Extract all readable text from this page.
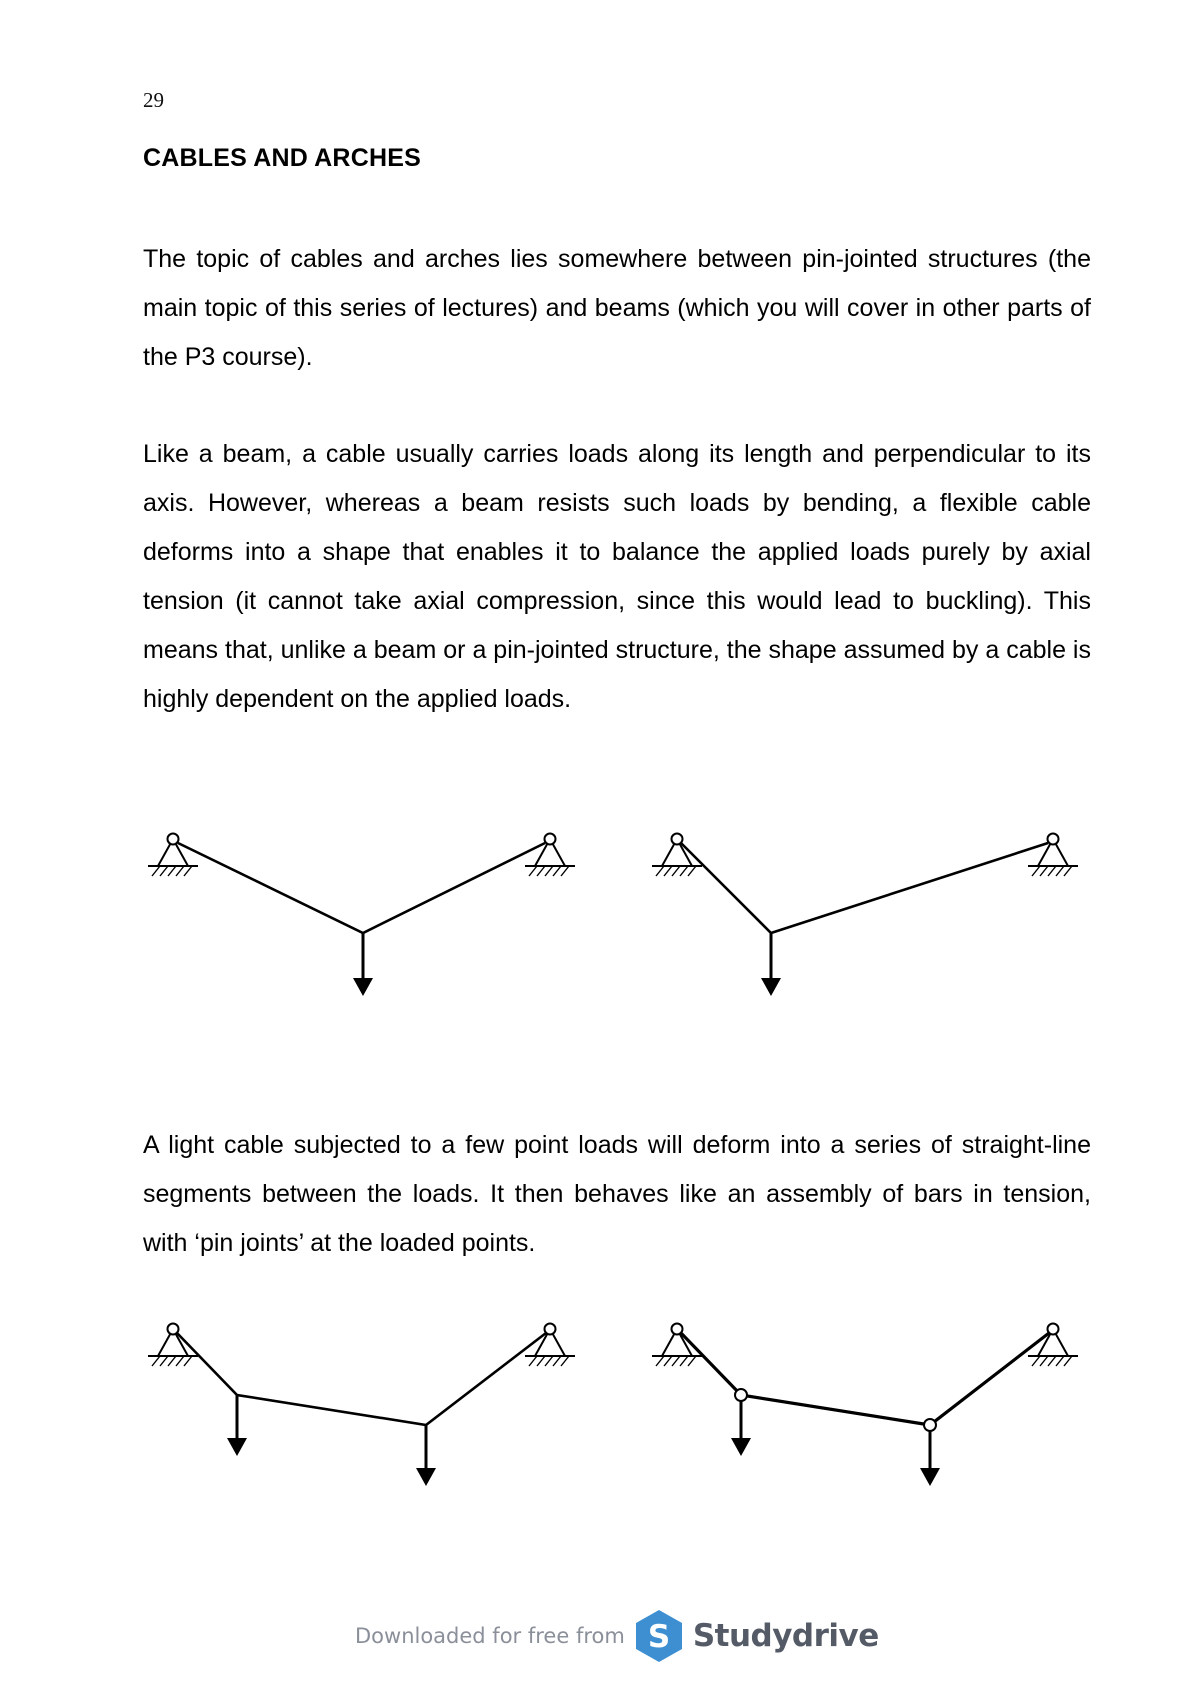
29
CABLES AND ARCHES

The topic of cables and arches lies somewhere between pin-jointed structures (the main topic of this series of lectures) and beams (which you will cover in other parts of the P3 course).

Like a beam, a cable usually carries loads along its length and perpendicular to its axis. However, whereas a beam resists such loads by bending, a flexible cable deforms into a shape that enables it to balance the applied loads purely by axial tension (it cannot take axial compression, since this would lead to buckling). This means that, unlike a beam or a pin-jointed structure, the shape assumed by a cable is highly dependent on the applied loads.

A light cable subjected to a few point loads will deform into a series of straight-line segments between the loads. It then behaves like an assembly of bars in tension, with ‘pin joints’ at the loaded points.

Downloaded for free from S Studydrive
